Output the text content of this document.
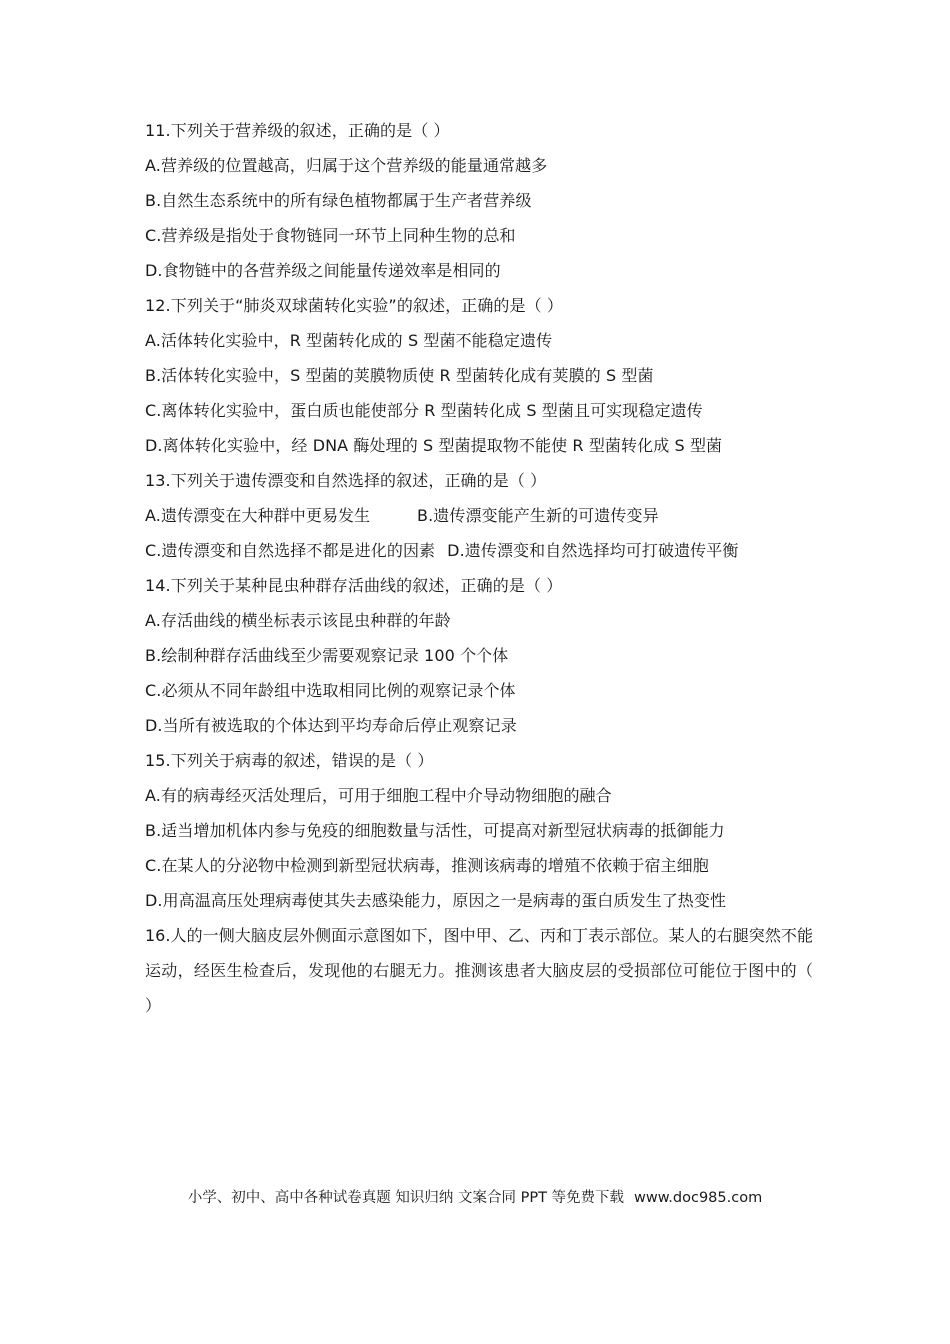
11.下列关于营养级的叙述，正确的是（ ）
A.营养级的位置越高，归属于这个营养级的能量通常越多
B.自然生态系统中的所有绿色植物都属于生产者营养级
C.营养级是指处于食物链同一环节上同种生物的总和
D.食物链中的各营养级之间能量传递效率是相同的
12.下列关于“肺炎双球菌转化实验”的叙述，正确的是（ ）
A.活体转化实验中，R 型菌转化成的 S 型菌不能稳定遗传
B.活体转化实验中，S 型菌的荚膜物质使 R 型菌转化成有荚膜的 S 型菌
C.离体转化实验中，蛋白质也能使部分 R 型菌转化成 S 型菌且可实现稳定遗传
D.离体转化实验中，经 DNA 酶处理的 S 型菌提取物不能使 R 型菌转化成 S 型菌
13.下列关于遗传漂变和自然选择的叙述，正确的是（ ）
A.遗传漂变在大种群中更易发生	B.遗传漂变能产生新的可遗传变异
C.遗传漂变和自然选择不都是进化的因素 D.遗传漂变和自然选择均可打破遗传平衡
14.下列关于某种昆虫种群存活曲线的叙述，正确的是（ ）
A.存活曲线的横坐标表示该昆虫种群的年龄
B.绘制种群存活曲线至少需要观察记录 100 个个体
C.必须从不同年龄组中选取相同比例的观察记录个体
D.当所有被选取的个体达到平均寿命后停止观察记录
15.下列关于病毒的叙述，错误的是（ ）
A.有的病毒经灭活处理后，可用于细胞工程中介导动物细胞的融合
B.适当增加机体内参与免疫的细胞数量与活性，可提高对新型冠状病毒的抵御能力
C.在某人的分泌物中检测到新型冠状病毒，推测该病毒的增殖不依赖于宿主细胞
D.用高温高压处理病毒使其失去感染能力，原因之一是病毒的蛋白质发生了热变性
16.人的一侧大脑皮层外侧面示意图如下，图中甲、乙、丙和丁表示部位。某人的右腿突然不能运动，经医生检查后，发现他的右腿无力。推测该患者大脑皮层的受损部位可能位于图中的（ ）
小学、初中、高中各种试卷真题 知识归纳 文案合同 PPT 等免费下载 www.doc985.com
